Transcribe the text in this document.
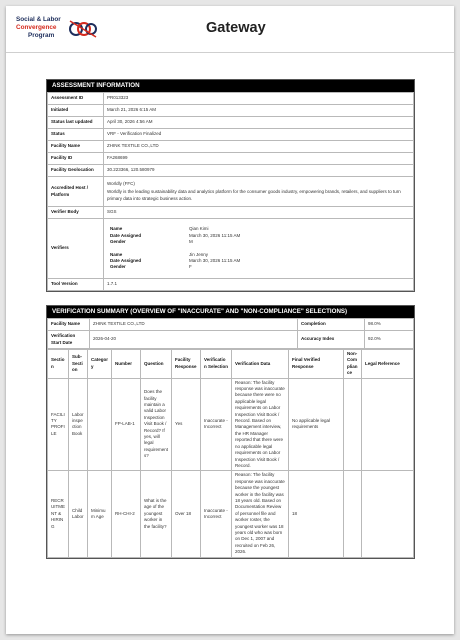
Social & Labor
Convergence
Program	Gateway
ASSESSMENT INFORMATION
Assessment ID	PR013323
Initiated	March 21, 2026 6:15 AM
Status last updated	April 30, 2026 4:56 AM
Status	VRF - Verification Finalized
Facility Name	ZHINK TEXTILE CO.,LTD
Facility ID	FA268699
Facility Geolocation	30.223366, 120.580979
Accredited Host / Platform	
Worldly (FFC)
Worldly is the leading sustainability data and analytics platform for the consumer goods industry, empowering brands, retailers, and suppliers to turn primary data into strategic business action.

Verifier Body	SGS
Verifiers	
Name	Qian Kimi
Date Assigned	March 30, 2026 11:15 AM
Gender	M

Name	Jin Jenny
Date Assigned	March 30, 2026 11:15 AM
Gender	F

Tool Version	1.7.1
VERIFICATION SUMMARY (OVERVIEW OF "INACCURATE" AND "NON-COMPLIANCE" SELECTIONS)
Facility Name	ZHINK TEXTILE CO.,LTD	Completion	98.0%
Verification Start Date	2026-04-20	Accuracy Index	92.0%
Section	Sub-Section	Category	Number	Question	Facility Response	Verification Selection	Verification Data	Final Verified Response	Non-Compliance	Legal Reference
FACILITY PROFILE	Labor inspection Book		FP-LAB-1	Does the facility maintain a valid Labor Inspection Visit Book / Record? If yes, will legal requirements?	Yes	Inaccurate - Incorrect	Reason: The facility response was inaccurate because there were no applicable legal requirements on Labor Inspection Visit Book / Record. Based on Management interview, the HR Manager reported that there were no applicable legal requirements on Labor Inspection Visit Book / Record.	No applicable legal requirements		
RECRUITMENT & HIRING	Child Labor	Minimum Age	RH-CHI-2	What is the age of the youngest worker in the facility?	Over 18	Inaccurate - Incorrect	Reason: The facility response was inaccurate because the youngest worker in the facility was 18 years old. Based on Documentation Review of personnel file and worker roster, the youngest worker was 18 years old who was born on Dec 1, 2007 and recruited on Feb 26, 2026.	18		
